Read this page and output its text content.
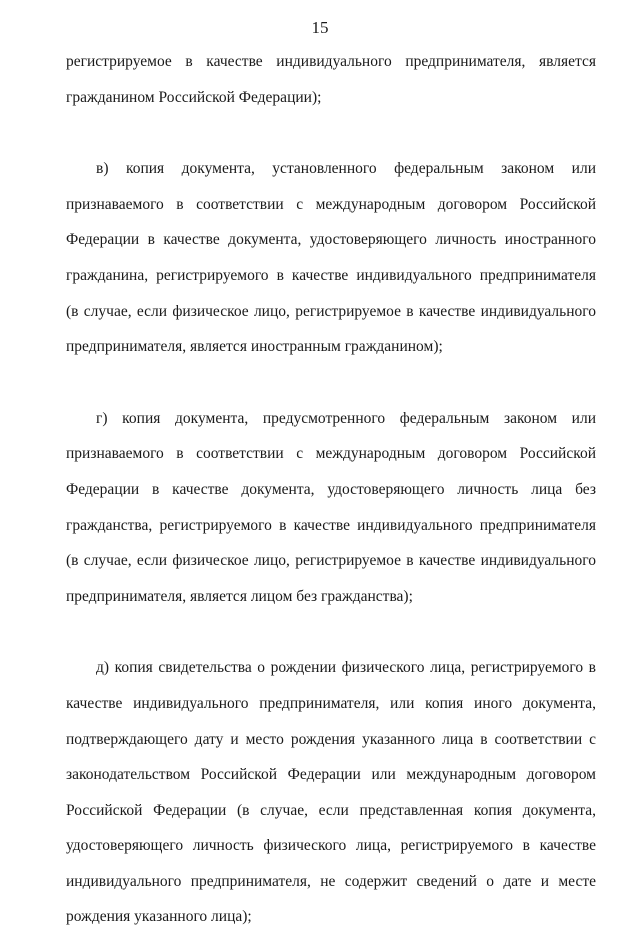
15
регистрируемое в качестве индивидуального предпринимателя, является
гражданином Российской Федерации);
в) копия документа, установленного федеральным законом или
признаваемого в соответствии с международным договором Российской
Федерации в качестве документа, удостоверяющего личность иностранного
гражданина, регистрируемого в качестве индивидуального предпринимателя
(в случае, если физическое лицо, регистрируемое в качестве индивидуального
предпринимателя, является иностранным гражданином);
г) копия документа, предусмотренного федеральным законом или
признаваемого в соответствии с международным договором Российской
Федерации в качестве документа, удостоверяющего личность лица без
гражданства, регистрируемого в качестве индивидуального предпринимателя
(в случае, если физическое лицо, регистрируемое в качестве индивидуального
предпринимателя, является лицом без гражданства);
д) копия свидетельства о рождении физического лица, регистрируемого в
качестве индивидуального предпринимателя, или копия иного документа,
подтверждающего дату и место рождения указанного лица в соответствии с
законодательством Российской Федерации или международным договором
Российской Федерации (в случае, если представленная копия документа,
удостоверяющего личность физического лица, регистрируемого в качестве
индивидуального предпринимателя, не содержит сведений о дате и месте
рождения указанного лица);
